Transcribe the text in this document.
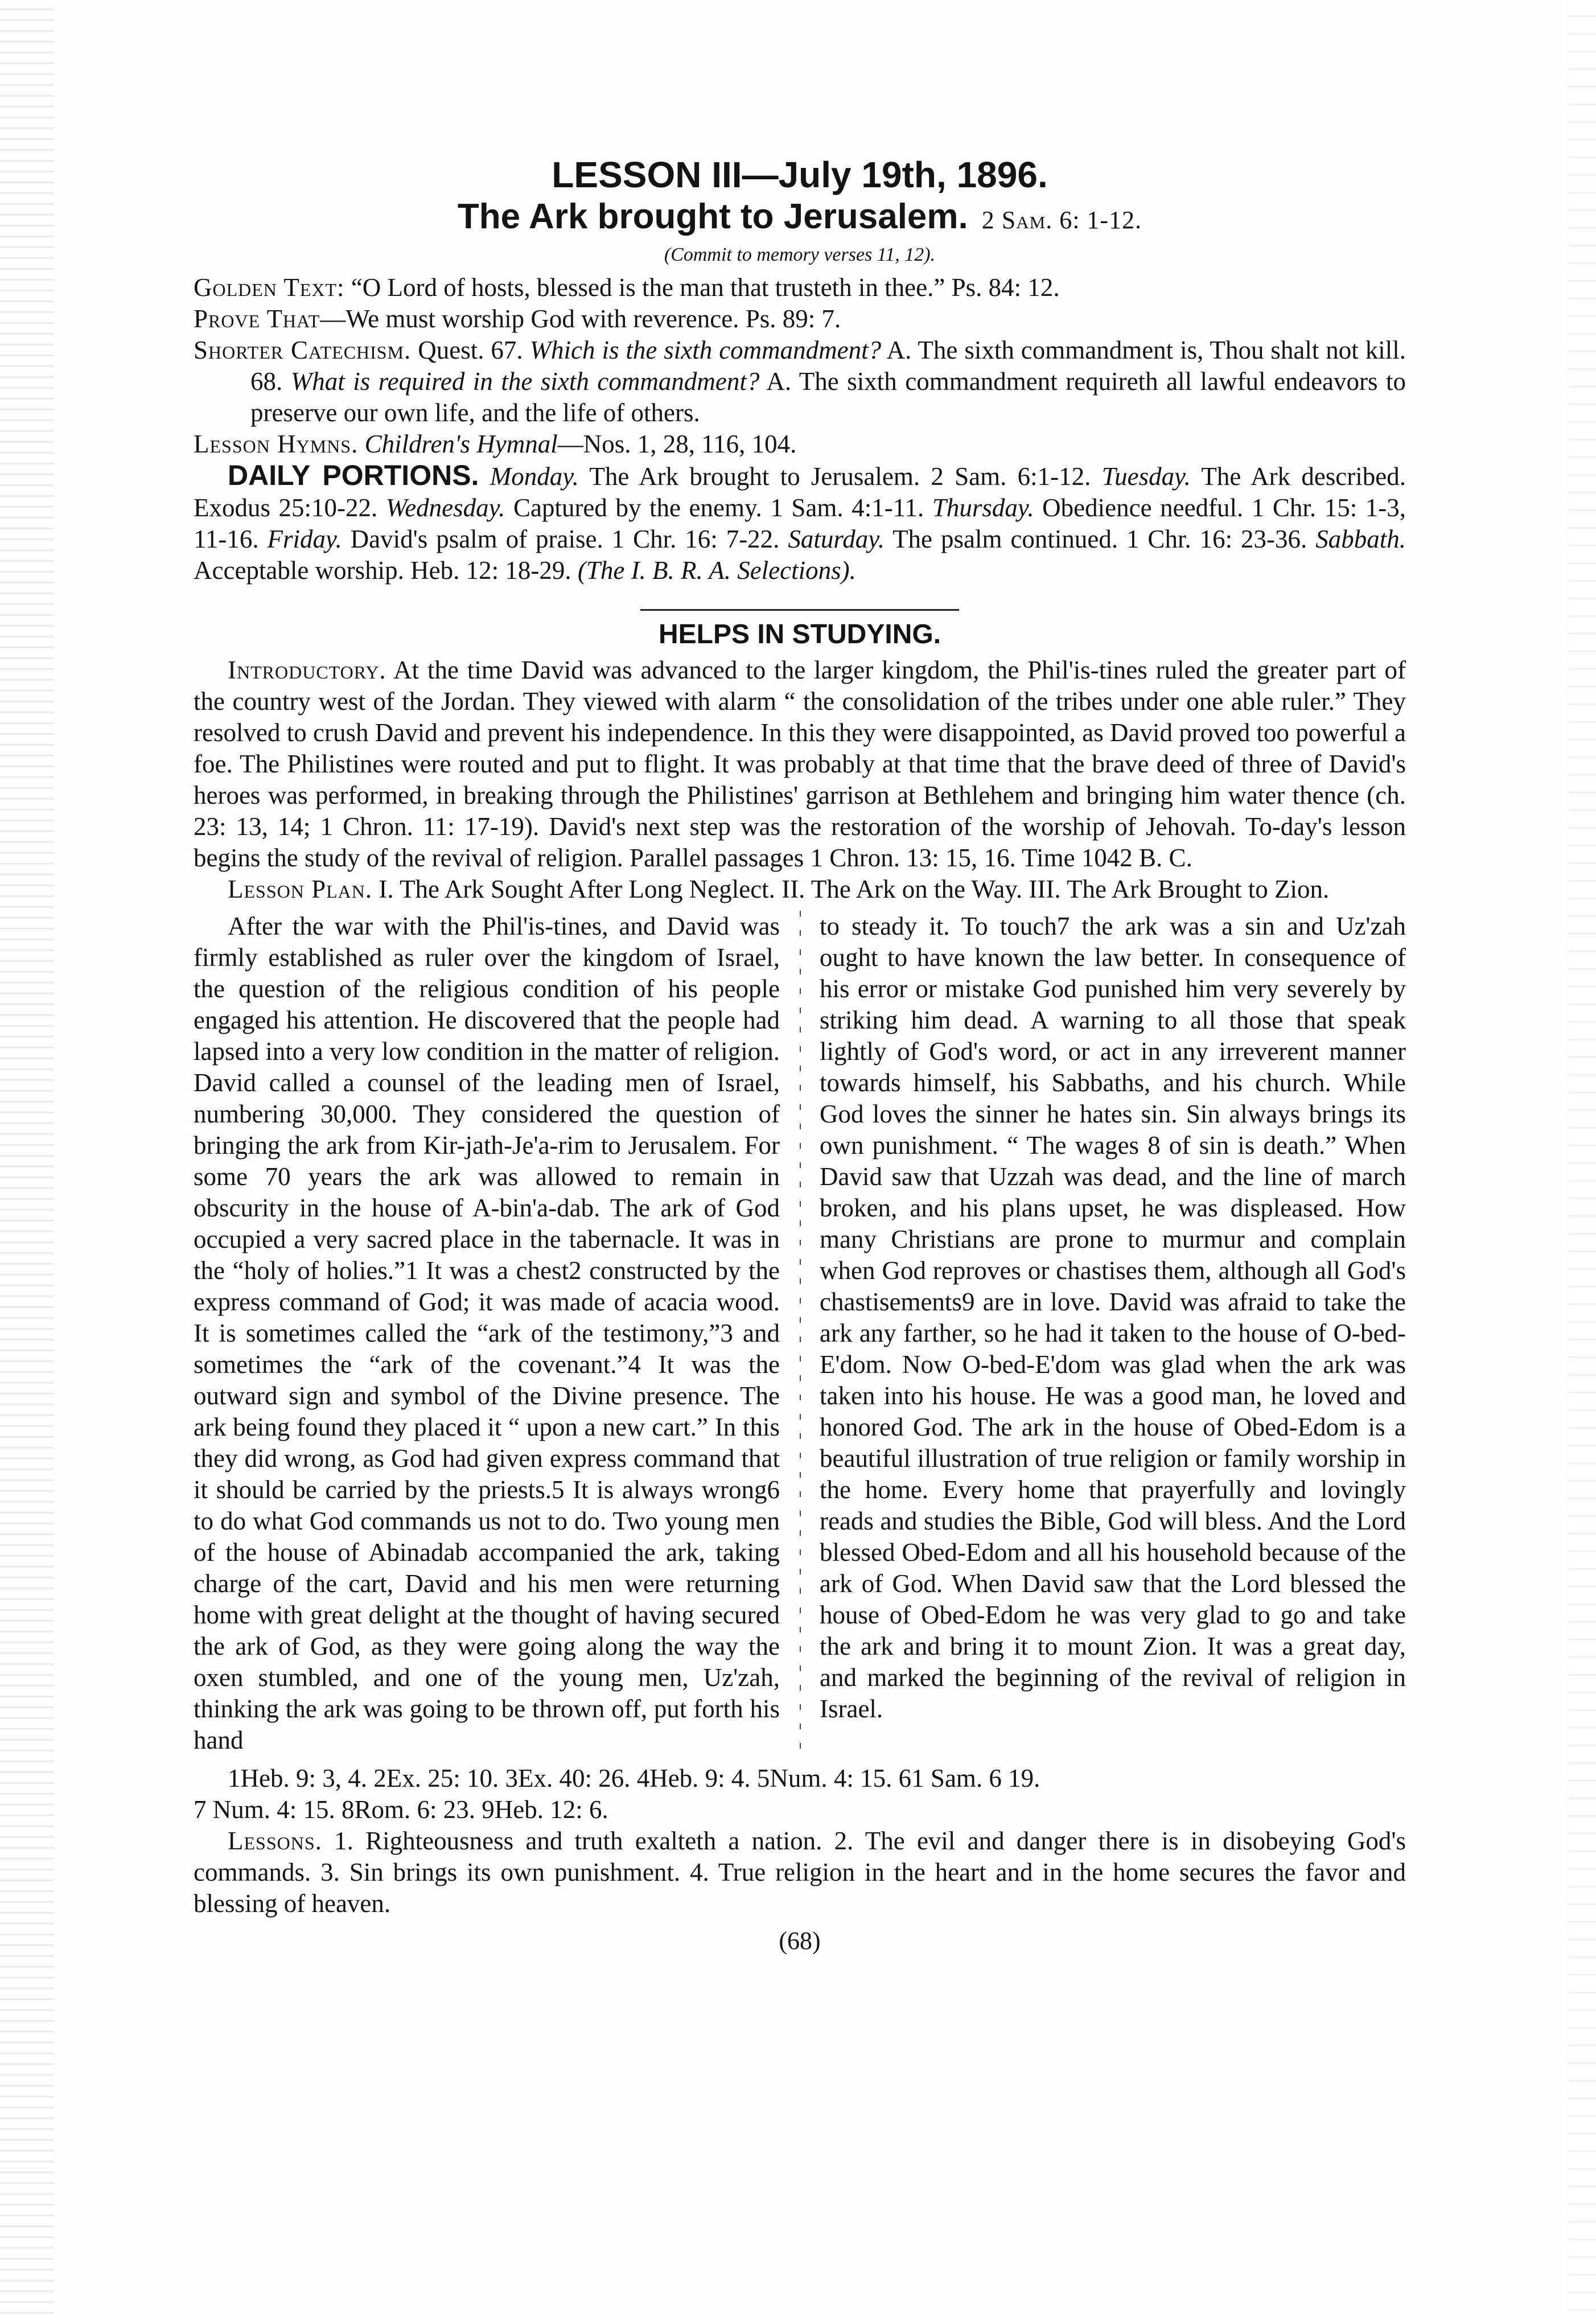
LESSON III—July 19th, 1896.
The Ark brought to Jerusalem. 2 Sam. 6: 1-12.

(Commit to memory verses 11, 12).

Golden Text: “O Lord of hosts, blessed is the man that trusteth in thee.” Ps. 84: 12.

Prove That—We must worship God with reverence. Ps. 89: 7.

Shorter Catechism. Quest. 67. Which is the sixth commandment? A. The sixth commandment is, Thou shalt not kill. 68. What is required in the sixth commandment? A. The sixth commandment requireth all lawful endeavors to preserve our own life, and the life of others.

Lesson Hymns. Children's Hymnal—Nos. 1, 28, 116, 104.

DAILY PORTIONS. Monday. The Ark brought to Jerusalem. 2 Sam. 6:1-12. Tuesday. The Ark described. Exodus 25:10-22. Wednesday. Captured by the enemy. 1 Sam. 4:1-11. Thursday. Obedience needful. 1 Chr. 15: 1-3, 11-16. Friday. David's psalm of praise. 1 Chr. 16: 7-22. Saturday. The psalm continued. 1 Chr. 16: 23-36. Sabbath. Acceptable worship. Heb. 12: 18-29. (The I. B. R. A. Selections).

HELPS IN STUDYING.

Introductory. At the time David was advanced to the larger kingdom, the Phil'is-tines ruled the greater part of the country west of the Jordan. They viewed with alarm “ the consolidation of the tribes under one able ruler.” They resolved to crush David and prevent his independence. In this they were disappointed, as David proved too powerful a foe. The Philistines were routed and put to flight. It was probably at that time that the brave deed of three of David's heroes was performed, in breaking through the Philistines' garrison at Bethlehem and bringing him water thence (ch. 23: 13, 14; 1 Chron. 11: 17-19). David's next step was the restoration of the worship of Jehovah. To-day's lesson begins the study of the revival of religion. Parallel passages 1 Chron. 13: 15, 16. Time 1042 B. C.

Lesson Plan. I. The Ark Sought After Long Neglect. II. The Ark on the Way. III. The Ark Brought to Zion.

After the war with the Phil'is-tines, and David was firmly established as ruler over the kingdom of Israel, the question of the religious condition of his people engaged his attention. He discovered that the people had lapsed into a very low condition in the matter of religion. David called a counsel of the leading men of Israel, numbering 30,000. They considered the question of bringing the ark from Kir-jath-Je'a-rim to Jerusalem. For some 70 years the ark was allowed to remain in obscurity in the house of A-bin'a-dab. The ark of God occupied a very sacred place in the tabernacle. It was in the “holy of holies.”1 It was a chest2 constructed by the express command of God; it was made of acacia wood. It is sometimes called the “ark of the testimony,”3 and sometimes the “ark of the covenant.”4 It was the outward sign and symbol of the Divine presence. The ark being found they placed it “ upon a new cart.” In this they did wrong, as God had given express command that it should be carried by the priests.5 It is always wrong6 to do what God commands us not to do. Two young men of the house of Abinadab accompanied the ark, taking charge of the cart, David and his men were returning home with great delight at the thought of having secured the ark of God, as they were going along the way the oxen stumbled, and one of the young men, Uz'zah, thinking the ark was going to be thrown off, put forth his hand

to steady it. To touch7 the ark was a sin and Uz'zah ought to have known the law better. In consequence of his error or mistake God punished him very severely by striking him dead. A warning to all those that speak lightly of God's word, or act in any irreverent manner towards himself, his Sabbaths, and his church. While God loves the sinner he hates sin. Sin always brings its own punishment. “ The wages 8 of sin is death.” When David saw that Uzzah was dead, and the line of march broken, and his plans upset, he was displeased. How many Christians are prone to murmur and complain when God reproves or chastises them, although all God's chastisements9 are in love. David was afraid to take the ark any farther, so he had it taken to the house of O-bed-E'dom. Now O-bed-E'dom was glad when the ark was taken into his house. He was a good man, he loved and honored God. The ark in the house of Obed-Edom is a beautiful illustration of true religion or family worship in the home. Every home that prayerfully and lovingly reads and studies the Bible, God will bless. And the Lord blessed Obed-Edom and all his household because of the ark of God. When David saw that the Lord blessed the house of Obed-Edom he was very glad to go and take the ark and bring it to mount Zion. It was a great day, and marked the beginning of the revival of religion in Israel.

1Heb. 9: 3, 4. 2Ex. 25: 10. 3Ex. 40: 26. 4Heb. 9: 4. 5Num. 4: 15. 61 Sam. 6 19.

7 Num. 4: 15. 8Rom. 6: 23. 9Heb. 12: 6.

Lessons. 1. Righteousness and truth exalteth a nation. 2. The evil and danger there is in disobeying God's commands. 3. Sin brings its own punishment. 4. True religion in the heart and in the home secures the favor and blessing of heaven.

(68)
